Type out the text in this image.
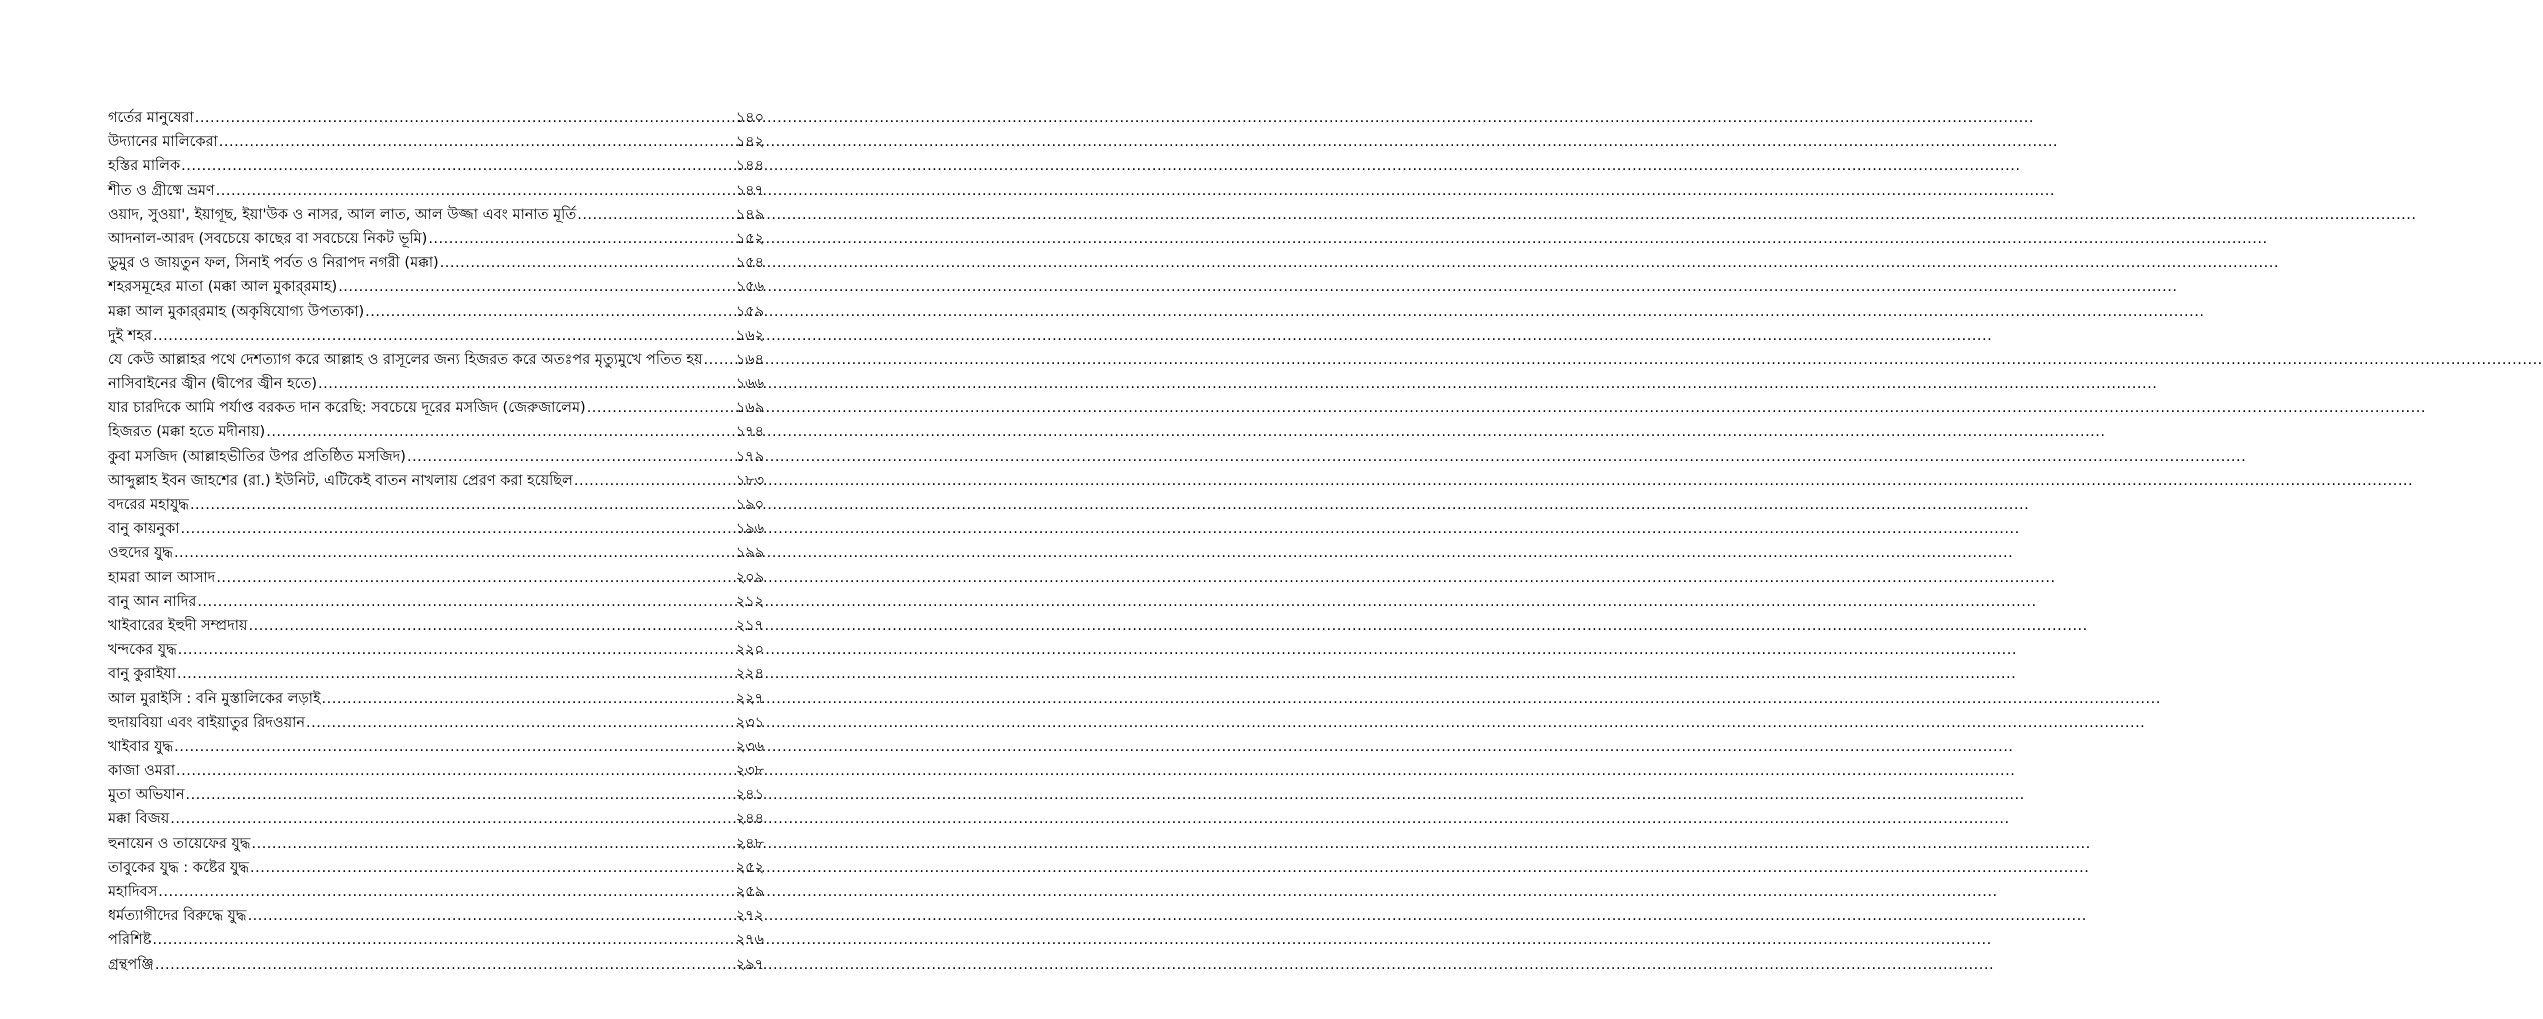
গর্তের মানুষেরা .....	১৪০
উদ্যানের মালিকেরা .....	১৪২
হস্তির মালিক .....	১৪৪
শীত ও গ্রীষ্মে ভ্রমণ .....	১৪৭
ওয়াদ, সুওয়া', ইয়াগূছ, ইয়া'উক ও নাসর, আল লাত, আল উজ্জা এবং মানাত মূর্তি .....	১৪৯
আদনাল-আরদ (সবচেয়ে কাছের বা সবচেয়ে নিকট ভূমি) .....	১৫২
ডুমুর ও জায়তুন ফল, সিনাই পর্বত ও নিরাপদ নগরী (মক্কা) .....	১৫৪
শহরসমূহের মাতা (মক্কা আল মুকার্‌রমাহ) .....	১৫৬
মক্কা আল মুকার্‌রমাহ (অকৃষিযোগ্য উপত্যকা) .....	১৫৯
দুই শহর .....	১৬২
যে কেউ আল্লাহর পথে দেশত্যাগ করে আল্লাহ ও রাসূলের জন্য হিজরত করে অতঃপর মৃত্যুমুখে পতিত হয় ..... ১৬৪
নাসিবাইনের জ্বীন (দ্বীপের জ্বীন হতে) .....	১৬৬
যার চারদিকে আমি পর্যাপ্ত বরকত দান করেছি: সবচেয়ে দূরের মসজিদ (জেরুজালেম) .....	১৬৯
হিজরত (মক্কা হতে মদীনায়) .....	১৭৪
কুবা মসজিদ (আল্লাহভীতির উপর প্রতিষ্ঠিত মসজিদ) .....	১৭৯
আব্দুল্লাহ ইবন জাহশের (রা.) ইউনিট, এটিকেই বাতন নাখলায় প্রেরণ করা হয়েছিল .....	১৮৩
বদরের মহাযুদ্ধ .....	১৯০
বানু কায়নুকা .....	১৯৬
ওহুদের যুদ্ধ .....	১৯৯
হামরা আল আসাদ .....	২০৯
বানু আন নাদির .....	২১২
খাইবারের ইহুদী সম্প্রদায় .....	২১৭
খন্দকের যুদ্ধ .....	২২০
বানু কুরাইযা .....	২২৪
আল মুরাইসি : বনি মুস্তালিকের লড়াই .....	২২৭
হুদায়বিয়া এবং বাইয়াতুর রিদওয়ান .....	২৩১
খাইবার যুদ্ধ .....	২৩৬
কাজা ওমরা .....	২৩৮
মুতা অভিযান .....	২৪১
মক্কা বিজয় .....	২৪৪
হুনায়েন ও তায়েফের যুদ্ধ .....	২৪৮
তাবুকের যুদ্ধ : কষ্টের যুদ্ধ .....	২৫২
মহাদিবস .....	২৫৯
ধর্মত্যাগীদের বিরুদ্ধে যুদ্ধ .....	২৭২
পরিশিষ্ট .....	২৭৬
গ্রন্থপঞ্জি .....	২৯৭
